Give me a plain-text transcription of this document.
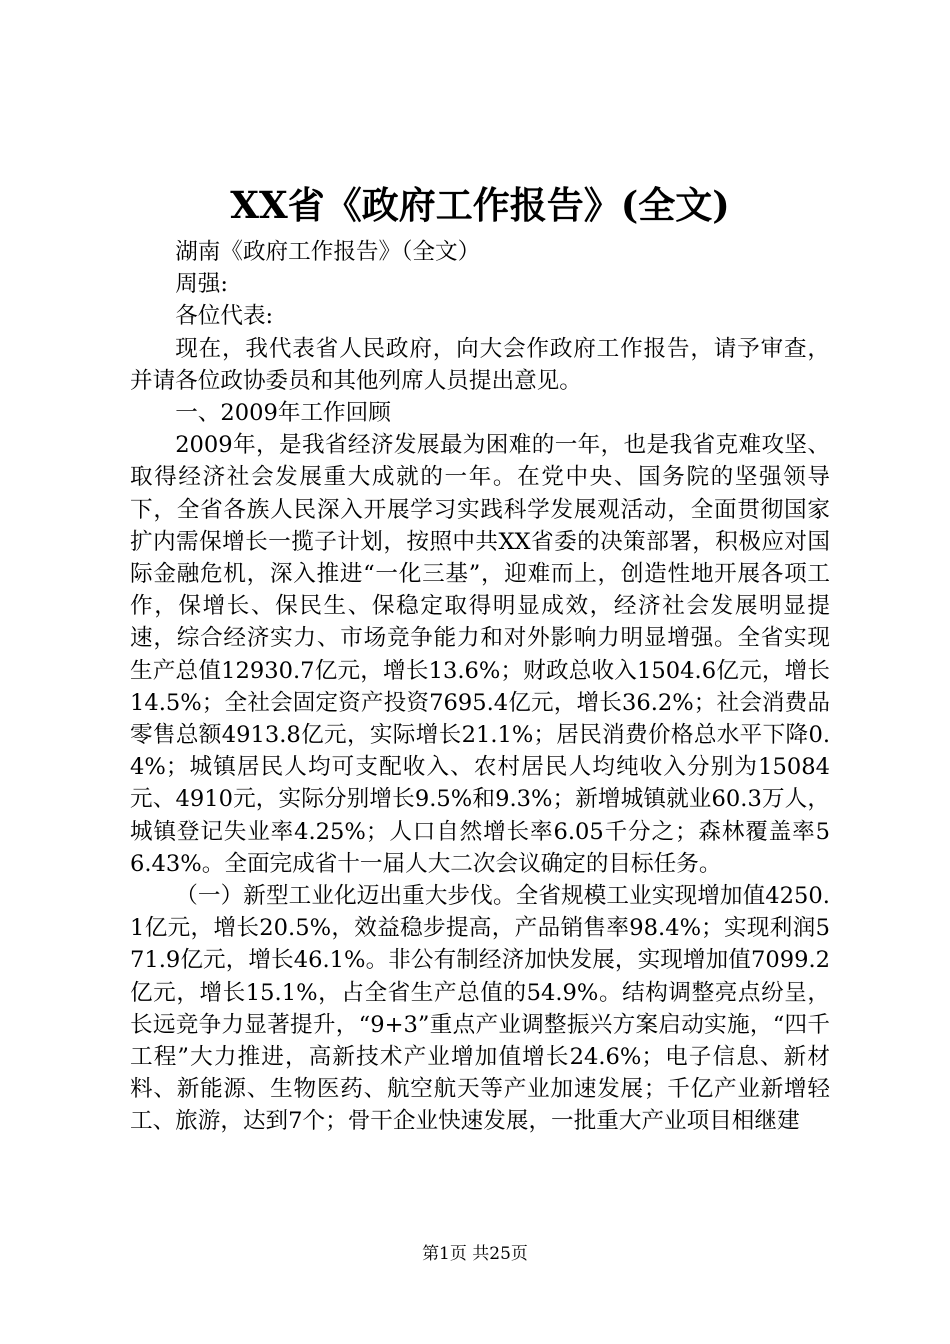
XX省《政府工作报告》(全文)

湖南《政府工作报告》（全文）

周强:

各位代表:

现在，我代表省人民政府，向大会作政府工作报告，请予审查，并请各位政协委员和其他列席人员提出意见。

一、2009年工作回顾

2009年，是我省经济发展最为困难的一年，也是我省克难攻坚、取得经济社会发展重大成就的一年。在党中央、国务院的坚强领导下，全省各族人民深入开展学习实践科学发展观活动，全面贯彻国家扩内需保增长一揽子计划，按照中共XX省委的决策部署，积极应对国际金融危机，深入推进“一化三基”，迎难而上，创造性地开展各项工作，保增长、保民生、保稳定取得明显成效，经济社会发展明显提速，综合经济实力、市场竞争能力和对外影响力明显增强。全省实现生产总值12930.7亿元，增长13.6%；财政总收入1504.6亿元，增长14.5%；全社会固定资产投资7695.4亿元，增长36.2%；社会消费品零售总额4913.8亿元，实际增长21.1%；居民消费价格总水平下降0.4%；城镇居民人均可支配收入、农村居民人均纯收入分别为15084元、4910元，实际分别增长9.5%和9.3%；新增城镇就业60.3万人，城镇登记失业率4.25%；人口自然增长率6.05千分之；森林覆盖率56.43%。全面完成省十一届人大二次会议确定的目标任务。

（一）新型工业化迈出重大步伐。全省规模工业实现增加值4250.1亿元，增长20.5%，效益稳步提高，产品销售率98.4%；实现利润571.9亿元，增长46.1%。非公有制经济加快发展，实现增加值7099.2亿元，增长15.1%，占全省生产总值的54.9%。结构调整亮点纷呈，长远竞争力显著提升，“9+3”重点产业调整振兴方案启动实施，“四千工程”大力推进，高新技术产业增加值增长24.6%；电子信息、新材料、新能源、生物医药、航空航天等产业加速发展；千亿产业新增轻工、旅游，达到7个；骨干企业快速发展，一批重大产业项目相继建

第1页 共25页
